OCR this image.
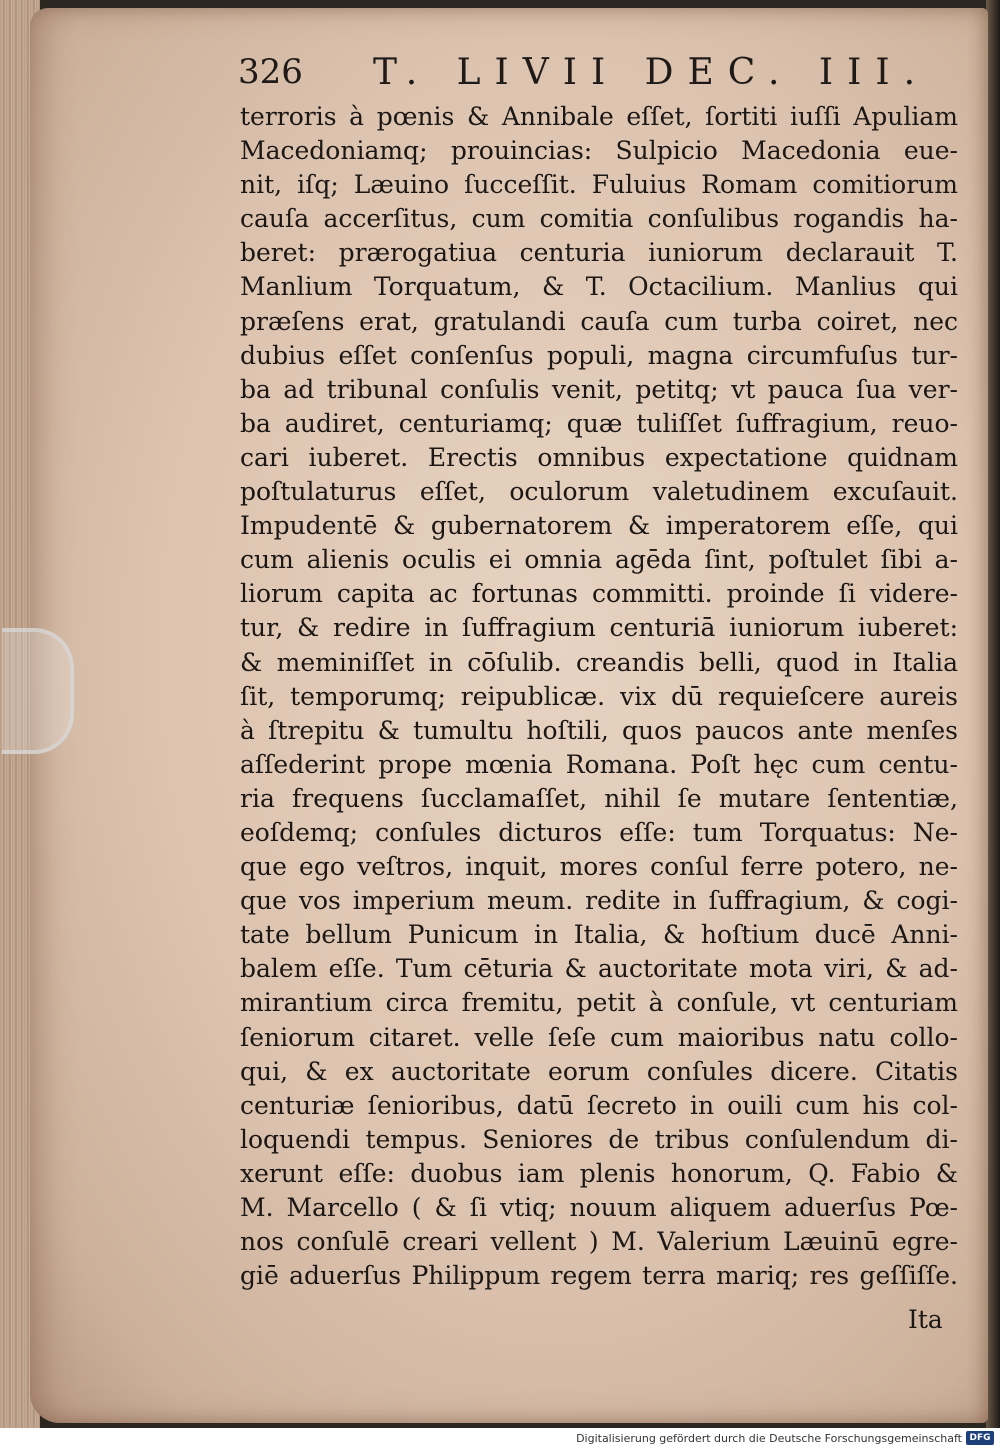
326 T. LIVII DEC. III.
terroris à pœnis & Annibale eſſet, ſortiti iuſſi Apuliam
Macedoniamq; prouincias: Sulpicio Macedonia eue-
nit, iſq; Læuino ſucceſſit. Fuluius Romam comitiorum
cauſa accerſitus, cum comitia conſulibus rogandis ha-
beret: prærogatiua centuria iuniorum declarauit T.
Manlium Torquatum, & T. Octacilium. Manlius qui
præſens erat, gratulandi cauſa cum turba coiret, nec
dubius eſſet conſenſus populi, magna circumfuſus tur-
ba ad tribunal conſulis venit, petitq; vt pauca ſua ver-
ba audiret, centuriamq; quæ tuliſſet ſuffragium, reuo-
cari iuberet. Erectis omnibus expectatione quidnam
poſtulaturus eſſet, oculorum valetudinem excuſauit.
Impudentē & gubernatorem & imperatorem eſſe, qui
cum alienis oculis ei omnia agēda ſint, poſtulet ſibi a-
liorum capita ac fortunas committi. proinde ſi videre-
tur, & redire in ſuffragium centuriā iuniorum iuberet:
& meminiſſet in cōſulib. creandis belli, quod in Italia
ſit, temporumq; reipublicæ. vix dū requieſcere aureis
à ſtrepitu & tumultu hoſtili, quos paucos ante menſes
aſſederint prope mœnia Romana. Poſt hęc cum centu-
ria frequens ſucclamaſſet, nihil ſe mutare ſententiæ,
eoſdemq; conſules dicturos eſſe: tum Torquatus: Ne-
que ego veſtros, inquit, mores conſul ferre potero, ne-
que vos imperium meum. redite in ſuffragium, & cogi-
tate bellum Punicum in Italia, & hoſtium ducē Anni-
balem eſſe. Tum cēturia & auctoritate mota viri, & ad-
mirantium circa fremitu, petit à conſule, vt centuriam
ſeniorum citaret. velle ſeſe cum maioribus natu collo-
qui, & ex auctoritate eorum conſules dicere. Citatis
centuriæ ſenioribus, datū ſecreto in ouili cum his col-
loquendi tempus. Seniores de tribus conſulendum di-
xerunt eſſe: duobus iam plenis honorum, Q. Fabio &
M. Marcello ( & ſi vtiq; nouum aliquem aduerſus Pœ-
nos conſulē creari vellent ) M. Valerium Læuinū egre-
giē aduerſus Philippum regem terra mariq; res geſſiſſe.
Ita
Digitalisierung gefördert durch die Deutsche Forschungsgemeinschaft DFG
